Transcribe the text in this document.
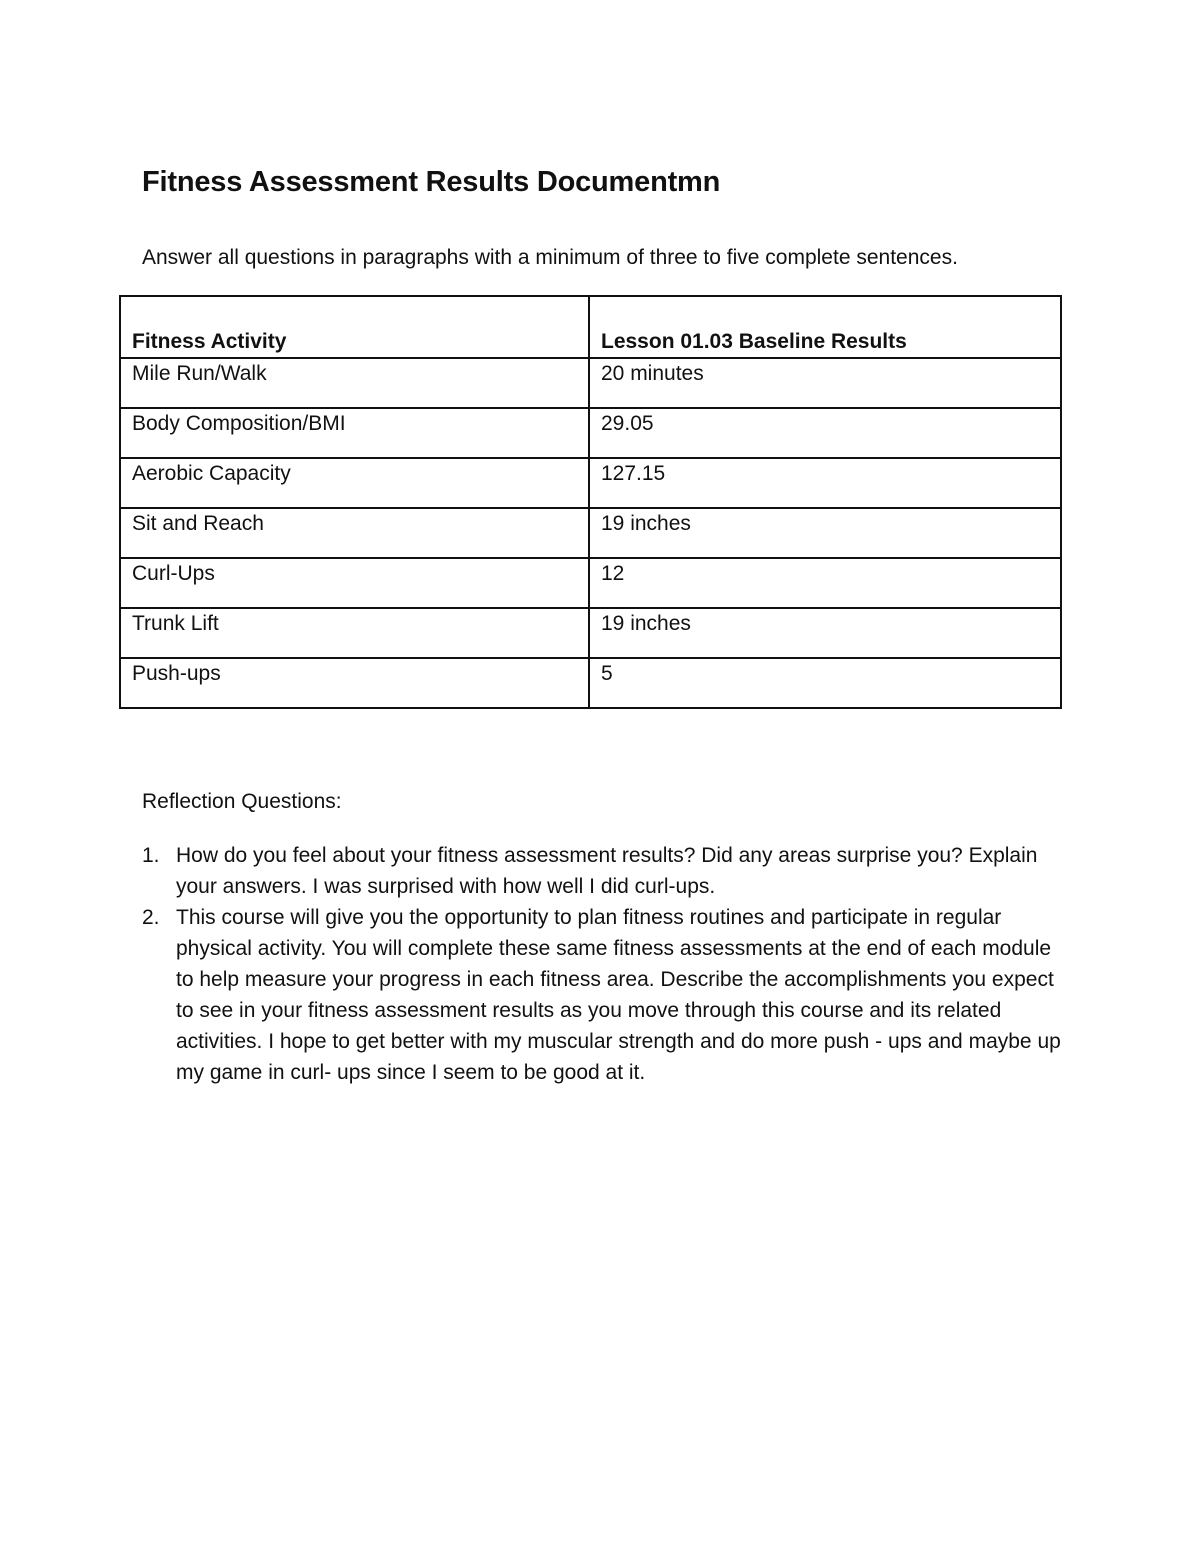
Fitness Assessment Results Documentmn

Answer all questions in paragraphs with a minimum of three to five complete sentences.

Fitness Activity	Lesson 01.03 Baseline Results
Mile Run/Walk	20 minutes
Body Composition/BMI	29.05
Aerobic Capacity	127.15
Sit and Reach	19 inches
Curl-Ups	12
Trunk Lift	19 inches
Push-ups	5

Reflection Questions:

1. How do you feel about your fitness assessment results? Did any areas surprise you? Explain your answers. I was surprised with how well I did curl-ups.
2. This course will give you the opportunity to plan fitness routines and participate in regular physical activity. You will complete these same fitness assessments at the end of each module to help measure your progress in each fitness area. Describe the accomplishments you expect to see in your fitness assessment results as you move through this course and its related activities. I hope to get better with my muscular strength and do more push - ups and maybe up my game in curl- ups since I seem to be good at it.
